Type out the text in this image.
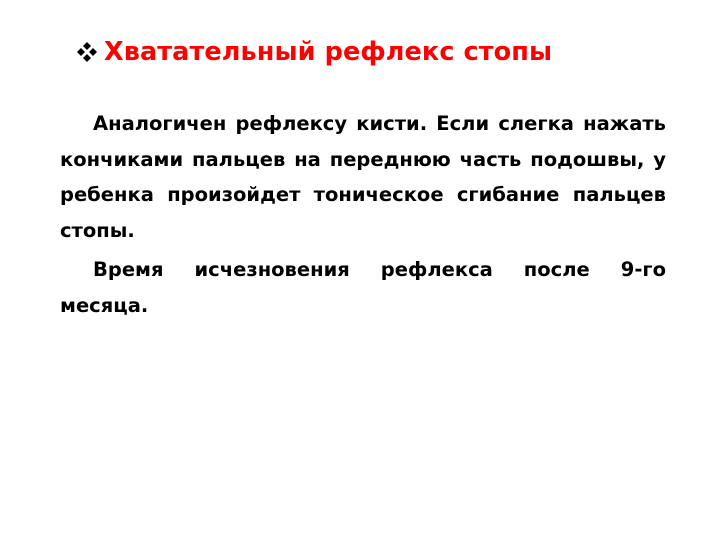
Хватательный рефлекс стопы

Аналогичен рефлексу кисти. Если слегка нажать кончиками пальцев на переднюю часть подошвы, у ребенка произойдет тоническое сгибание пальцев стопы.

Время исчезновения рефлекса после 9-го месяца.
